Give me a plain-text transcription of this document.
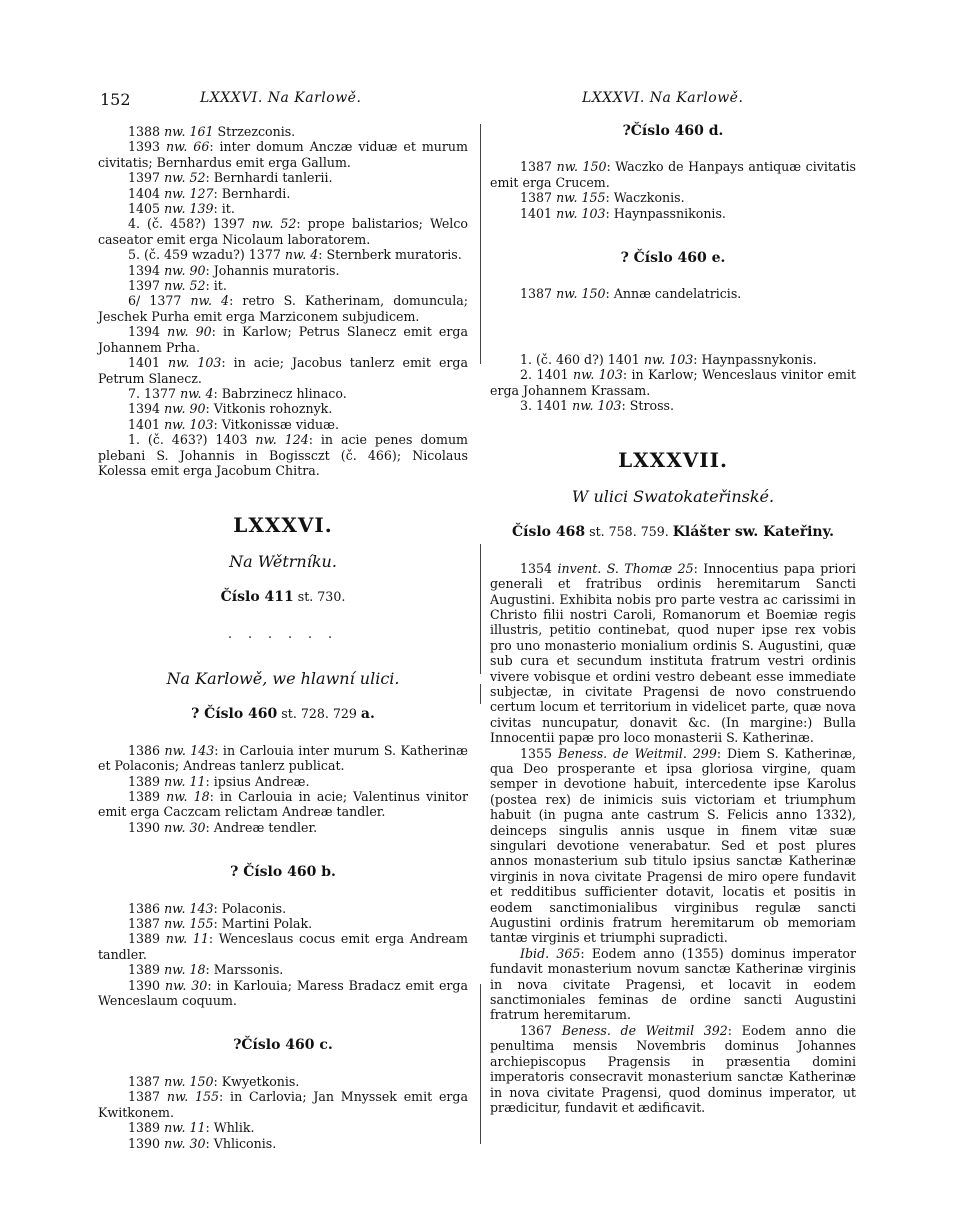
152	LXXXVI. Na Karlowě.	LXXXVI. Na Karlowě.

1388 nw. 161 Strzezconis.

1393 nw. 66: inter domum Anczæ viduæ et murum civitatis; Bernhardus emit erga Gallum.

1397 nw. 52: Bernhardi tanlerii.

1404 nw. 127: Bernhardi.

1405 nw. 139: it.

4. (č. 458?) 1397 nw. 52: prope balistarios; Welco caseator emit erga Nicolaum laboratorem.

5. (č. 459 wzadu?) 1377 nw. 4: Sternberk muratoris.

1394 nw. 90: Johannis muratoris.

1397 nw. 52: it.

6/ 1377 nw. 4: retro S. Katherinam, domuncula; Jeschek Purha emit erga Marziconem subjudicem.

1394 nw. 90: in Karlow; Petrus Slanecz emit erga Johannem Prha.

1401 nw. 103: in acie; Jacobus tanlerz emit erga Petrum Slanecz.

7. 1377 nw. 4: Babrzinecz hlinaco.

1394 nw. 90: Vitkonis rohoznyk.

1401 nw. 103: Vitkonissæ viduæ.

1. (č. 463?) 1403 nw. 124: in acie penes domum plebani S. Johannis in Bogissczt (č. 466); Nicolaus Kolessa emit erga Jacobum Chitra.

LXXXVI.
Na Wětrníku.
Číslo 411 st. 730.
. . . . . .
Na Karlowě, we hlawní ulici.
? Číslo 460 st. 728. 729 a.

1386 nw. 143: in Carlouia inter murum S. Katherinæ et Polaconis; Andreas tanlerz publicat.

1389 nw. 11: ipsius Andreæ.

1389 nw. 18: in Carlouia in acie; Valentinus vinitor emit erga Caczcam relictam Andreæ tandler.

1390 nw. 30: Andreæ tendler.

? Číslo 460 b.

1386 nw. 143: Polaconis.

1387 nw. 155: Martini Polak.

1389 nw. 11: Wenceslaus cocus emit erga Andream tandler.

1389 nw. 18: Marssonis.

1390 nw. 30: in Karlouia; Maress Bradacz emit erga Wenceslaum coquum.

?Číslo 460 c.

1387 nw. 150: Kwyetkonis.

1387 nw. 155: in Carlovia; Jan Mnyssek emit erga Kwitkonem.

1389 nw. 11: Whlik.

1390 nw. 30: Vhliconis.

?Číslo 460 d.

1387 nw. 150: Waczko de Hanpays antiquæ civitatis emit erga Crucem.

1387 nw. 155: Waczkonis.

1401 nw. 103: Haynpassnikonis.

? Číslo 460 e.

1387 nw. 150: Annæ candelatricis.

1. (č. 460 d?) 1401 nw. 103: Haynpassnykonis.

2. 1401 nw. 103: in Karlow; Wenceslaus vinitor emit erga Johannem Krassam.

3. 1401 nw. 103: Stross.

LXXXVII.
W ulici Swatokateřinské.
Číslo 468 st. 758. 759. Klášter sw. Kateřiny.

1354 invent. S. Thomæ 25: Innocentius papa priori generali et fratribus ordinis heremitarum Sancti Augustini. Exhibita nobis pro parte vestra ac carissimi in Christo filii nostri Caroli, Romanorum et Boemiæ regis illustris, petitio continebat, quod nuper ipse rex vobis pro uno monasterio monialium ordinis S. Augustini, quæ sub cura et secundum instituta fratrum vestri ordinis vivere vobisque et ordini vestro debeant esse immediate subjectæ, in civitate Pragensi de novo construendo certum locum et territorium in videlicet parte, quæ nova civitas nuncupatur, donavit &c. (In margine:) Bulla Innocentii papæ pro loco monasterii S. Katherinæ.

1355 Beness. de Weitmil. 299: Diem S. Katherinæ, qua Deo prosperante et ipsa gloriosa virgine, quam semper in devotione habuit, intercedente ipse Karolus (postea rex) de inimicis suis victoriam et triumphum habuit (in pugna ante castrum S. Felicis anno 1332), deinceps singulis annis usque in finem vitæ suæ singulari devotione venerabatur. Sed et post plures annos monasterium sub titulo ipsius sanctæ Katherinæ virginis in nova civitate Pragensi de miro opere fundavit et redditibus sufficienter dotavit, locatis et positis in eodem sanctimonialibus virginibus regulæ sancti Augustini ordinis fratrum heremitarum ob memoriam tantæ virginis et triumphi supradicti.

Ibid. 365: Eodem anno (1355) dominus imperator fundavit monasterium novum sanctæ Katherinæ virginis in nova civitate Pragensi, et locavit in eodem sanctimoniales feminas de ordine sancti Augustini fratrum heremitarum.

1367 Beness. de Weitmil 392: Eodem anno die penultima mensis Novembris dominus Johannes archiepiscopus Pragensis in præsentia domini imperatoris consecravit monasterium sanctæ Katherinæ in nova civitate Pragensi, quod dominus imperator, ut prædicitur, fundavit et ædificavit.
